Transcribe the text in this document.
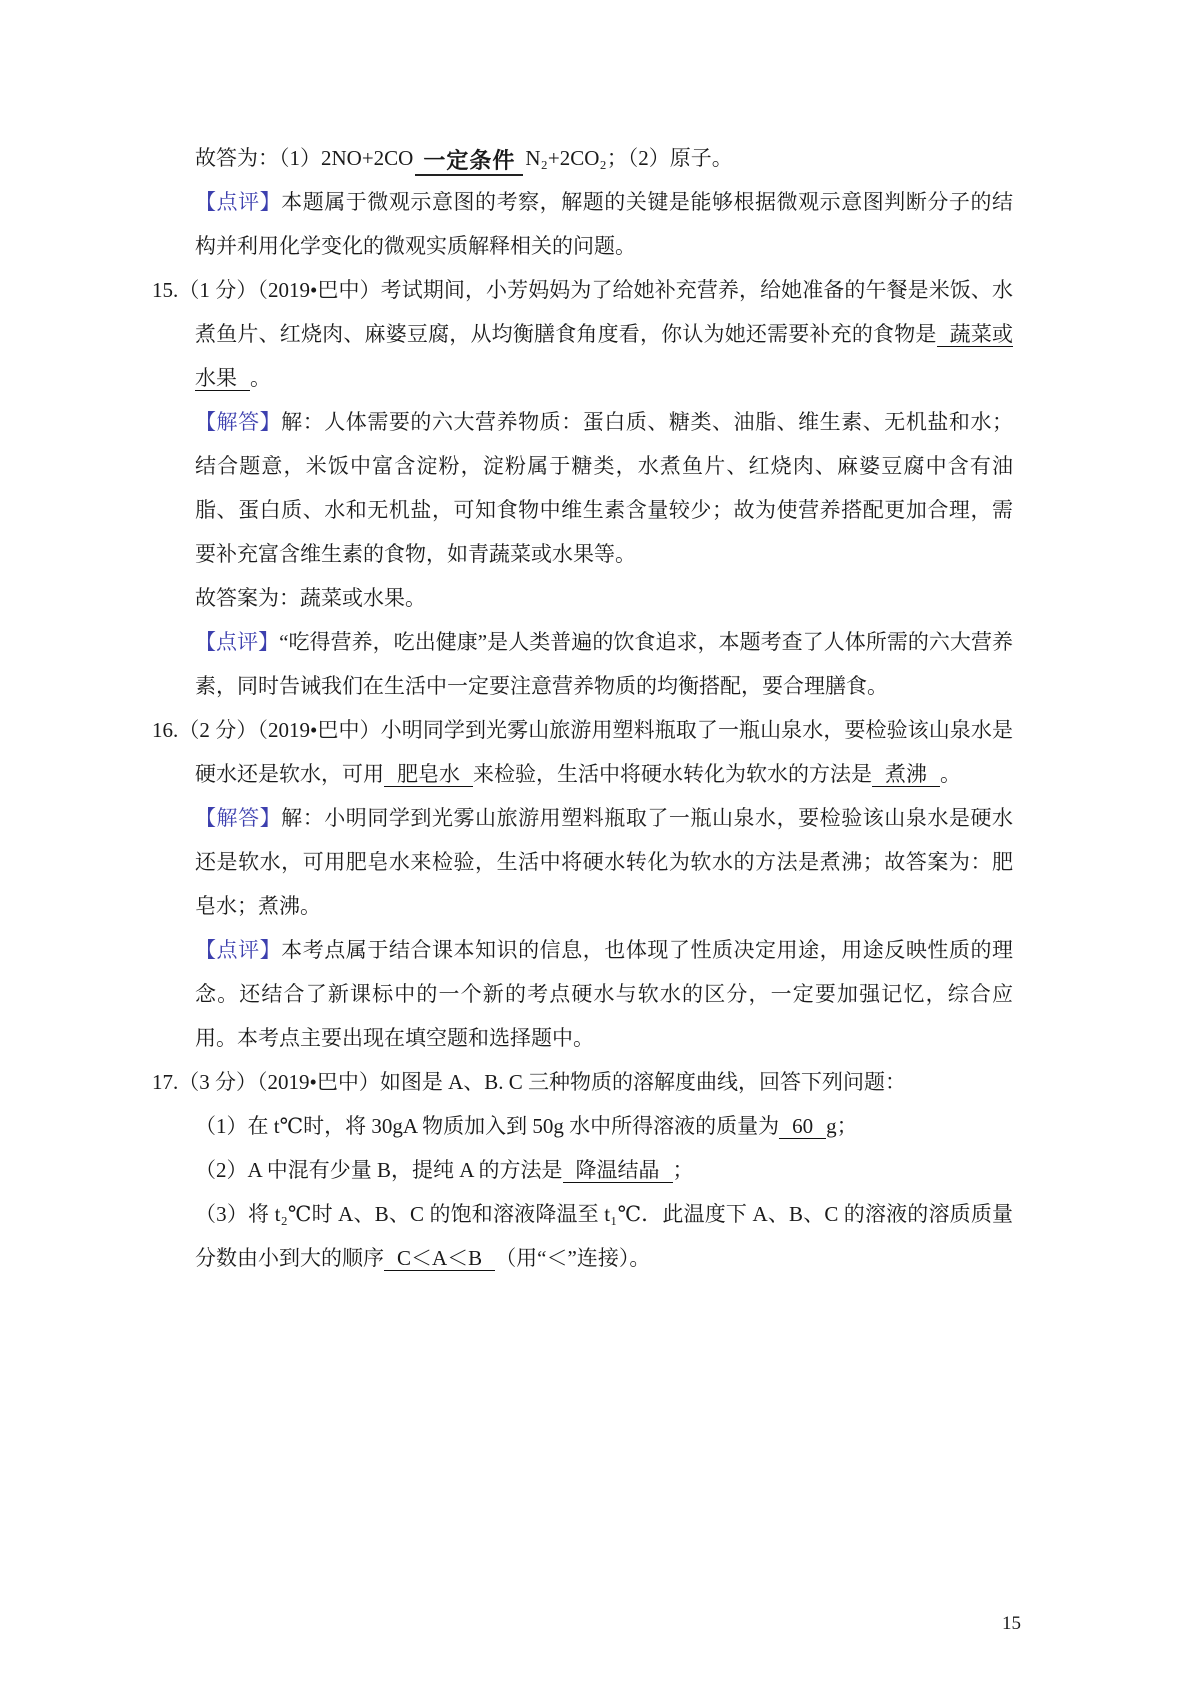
故答为：（1）2NO+2CO 一定条件 N₂+2CO₂；（2）原子。

【点评】本题属于微观示意图的考察，解题的关键是能够根据微观示意图判断分子的结构并利用化学变化的微观实质解释相关的问题。

15.（1 分）（2019•巴中）考试期间，小芳妈妈为了给她补充营养，给她准备的午餐是米饭、水煮鱼片、红烧肉、麻婆豆腐，从均衡膳食角度看，你认为她还需要补充的食物是 蔬菜或水果 。

【解答】解：人体需要的六大营养物质：蛋白质、糖类、油脂、维生素、无机盐和水；结合题意，米饭中富含淀粉，淀粉属于糖类，水煮鱼片、红烧肉、麻婆豆腐中含有油脂、蛋白质、水和无机盐，可知食物中维生素含量较少；故为使营养搭配更加合理，需要补充富含维生素的食物，如青蔬菜或水果等。

故答案为：蔬菜或水果。

【点评】“吃得营养，吃出健康”是人类普遍的饮食追求，本题考查了人体所需的六大营养素，同时告诫我们在生活中一定要注意营养物质的均衡搭配，要合理膳食。

16.（2 分）（2019•巴中）小明同学到光雾山旅游用塑料瓶取了一瓶山泉水，要检验该山泉水是硬水还是软水，可用 肥皂水 来检验，生活中将硬水转化为软水的方法是 煮沸 。

【解答】解：小明同学到光雾山旅游用塑料瓶取了一瓶山泉水，要检验该山泉水是硬水还是软水，可用肥皂水来检验，生活中将硬水转化为软水的方法是煮沸；故答案为：肥皂水；煮沸。

【点评】本考点属于结合课本知识的信息，也体现了性质决定用途，用途反映性质的理念。还结合了新课标中的一个新的考点硬水与软水的区分，一定要加强记忆，综合应用。本考点主要出现在填空题和选择题中。

17.（3 分）（2019•巴中）如图是 A、B. C 三种物质的溶解度曲线，回答下列问题：

（1）在 t℃时，将 30gA 物质加入到 50g 水中所得溶液的质量为 60 g；

（2）A 中混有少量 B，提纯 A 的方法是 降温结晶 ；

（3）将 t₂℃时 A、B、C 的饱和溶液降温至 t₁℃．此温度下 A、B、C 的溶液的溶质质量分数由小到大的顺序 C＜A＜B （用“＜”连接）。

15
